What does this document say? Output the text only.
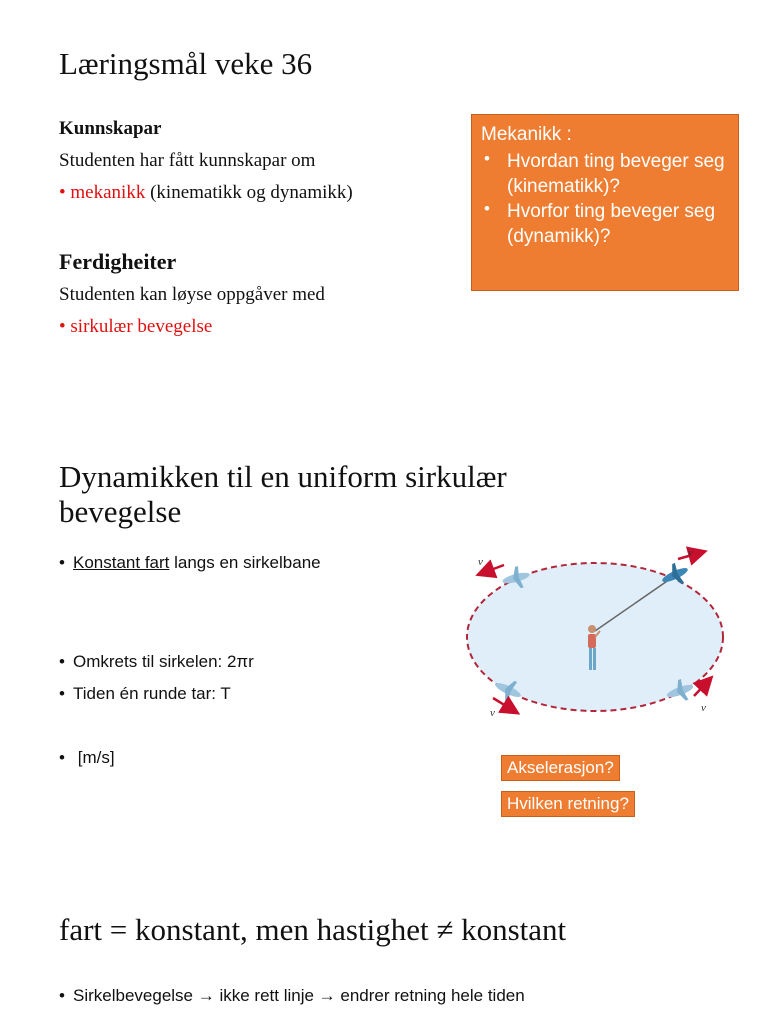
Læringsmål veke 36
Kunnskapar
Studenten har fått kunnskapar om
• mekanikk (kinematikk og dynamikk)
Ferdigheiter
Studenten kan løyse oppgåver med
• sirkulær bevegelse
Mekanikk :
• Hvordan ting beveger seg (kinematikk)?
• Hvorfor ting beveger seg (dynamikk)?
Dynamikken til en uniform sirkulær bevegelse
• Konstant fart langs en sirkelbane
• Omkrets til sirkelen: 2πr
• Tiden én runde tar: T
• [m/s]
v
v
v	v
Akselerasjon?
Hvilken retning?
fart = konstant, men hastighet ≠ konstant
• Sirkelbevegelse → ikke rett linje → endrer retning hele tiden
